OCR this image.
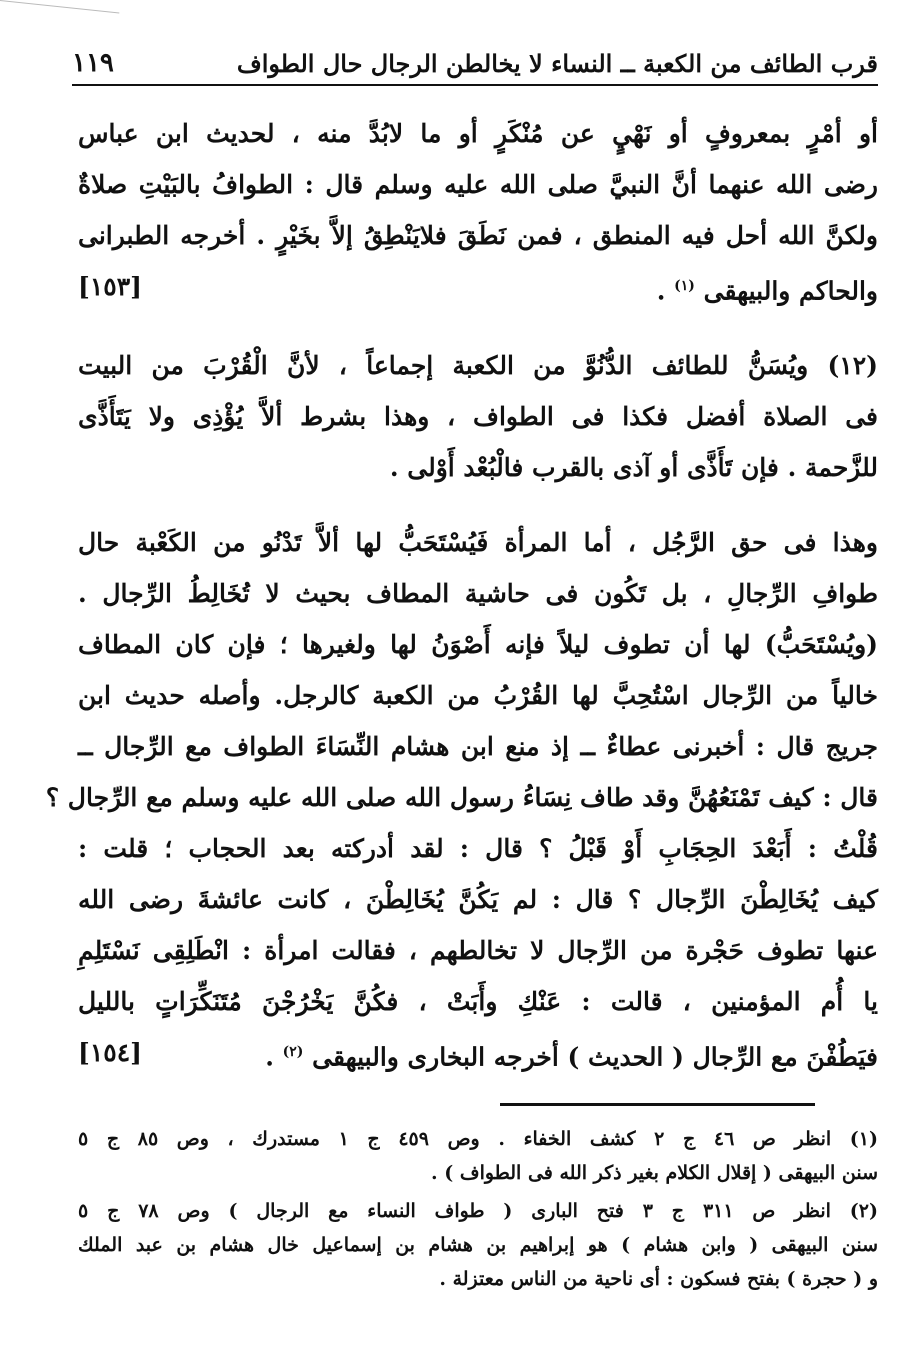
قرب الطائف من الكعبة ــ النساء لا يخالطن الرجال حال الطواف
١١٩
أو أمْرٍ بمعروفٍ أو نَهْيٍ عن مُنْكَرٍ أو ما لابُدَّ منه ، لحديث ابن عباس
رضى الله عنهما أنَّ النبيَّ صلى الله عليه وسلم قال : الطوافُ بالبَيْتِ صلاةٌ
ولكنَّ الله أحل فيه المنطق ، فمن نَطَقَ فلايَنْطِقُ إلاَّ بخَيْرٍ . أخرجه الطبرانى
والحاكم والبيهقى $^{(١)}$ .
[١٥٣]
(١٢) ويُسَنُّ للطائف الدُّنُوَّ من الكعبة إجماعاً ، لأنَّ الْقُرْبَ من البيت
فى الصلاة أفضل فكذا فى الطواف ، وهذا بشرط ألاَّ يُؤْذِى ولا يَتَأَذَّى
للزَّحمة . فإن تَأَذَّى أو آذى بالقرب فالْبُعْد أَوْلى .
وهذا فى حق الرَّجُل ، أما المرأة فَيُسْتَحَبُّ لها ألاَّ تَدْنُو من الكَعْبة حال
طوافِ الرِّجالِ ، بل تَكُون فى حاشية المطاف بحيث لا تُخَالِطُ الرِّجال .
(ويُسْتَحَبُّ) لها أن تطوف ليلاً فإنه أَصْوَنُ لها ولغيرها ؛ فإن كان المطاف
خالياً من الرِّجال اسْتُحِبَّ لها القُرْبُ من الكعبة كالرجل. وأصله حديث ابن
جريج قال : أخبرنى عطاءٌ ــ إذ منع ابن هشام النِّسَاءَ الطواف مع الرِّجال ــ
قال : كيف تَمْنَعُهُنَّ وقد طاف نِسَاءُ رسول الله صلى الله عليه وسلم مع الرِّجال ؟
قُلْتُ : أَبَعْدَ الحِجَابِ أَوْ قَبْلُ ؟ قال : لقد أدركته بعد الحجاب ؛ قلت :
كيف يُخَالِطْنَ الرِّجال ؟ قال : لم يَكُنَّ يُخَالِطْنَ ، كانت عائشةَ رضى الله
عنها تطوف حَجْرة من الرِّجال لا تخالطهم ، فقالت امرأة : انْطَلِقِى نَسْتَلِمِ
يا أُم المؤمنين ، قالت : عَنْكِ وأَبَتْ ، فكُنَّ يَخْرُجْنَ مُتَنَكِّرَاتٍ بالليل
فيَطُفْنَ مع الرِّجال ( الحديث ) أخرجه البخارى والبيهقى $^{(٢)}$ .
[١٥٤]
(١) انظر ص ٤٦ ج ٢ كشف الخفاء . وص ٤٥٩ ج ١ مستدرك ، وص ٨٥ ج ٥
سنن البيهقى ( إقلال الكلام بغير ذكر الله فى الطواف ) .
(٢) انظر ص ٣١١ ج ٣ فتح البارى ( طواف النساء مع الرجال ) وص ٧٨ ج ٥
سنن البيهقى ( وابن هشام ) هو إبراهيم بن هشام بن إسماعيل خال هشام بن عبد الملك
و ( حجرة ) بفتح فسكون : أى ناحية من الناس معتزلة .
